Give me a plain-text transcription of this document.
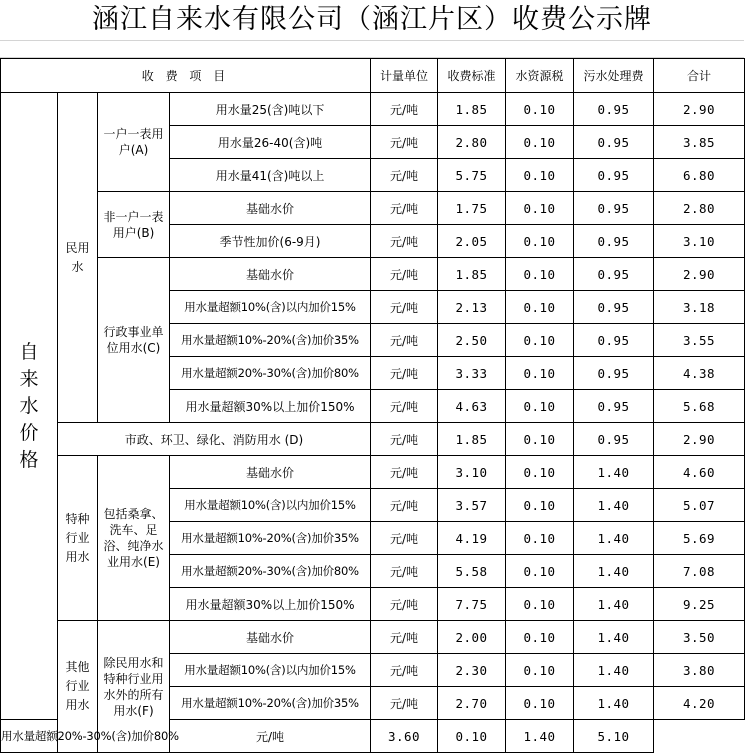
涵江自来水有限公司（涵江片区）收费公示牌
收 费 项 目				计量单位	收费标准	水资源税	污水处理费	合计
自来水价格	民用水	一户一表用户(A)	用水量25(含)吨以下	元/吨	1.85	0.10	0.95	2.90
			用水量26-40(含)吨	元/吨	2.80	0.10	0.95	3.85
			用水量41(含)吨以上	元/吨	5.75	0.10	0.95	6.80
		非一户一表用户(B)	基础水价	元/吨	1.75	0.10	0.95	2.80
			季节性加价(6-9月)	元/吨	2.05	0.10	0.95	3.10
		行政事业单位用水(C)	基础水价	元/吨	1.85	0.10	0.95	2.90
			用水量超额10%(含)以内加价15%	元/吨	2.13	0.10	0.95	3.18
			用水量超额10%-20%(含)加价35%	元/吨	2.50	0.10	0.95	3.55
			用水量超额20%-30%(含)加价80%	元/吨	3.33	0.10	0.95	4.38
			用水量超额30%以上加价150%	元/吨	4.63	0.10	0.95	5.68
	市政、环卫、绿化、消防用水 (D)			元/吨	1.85	0.10	0.95	2.90
	特种行业用水	包括桑拿、洗车、足浴、纯净水业用水(E)	基础水价	元/吨	3.10	0.10	1.40	4.60
			用水量超额10%(含)以内加价15%	元/吨	3.57	0.10	1.40	5.07
			用水量超额10%-20%(含)加价35%	元/吨	4.19	0.10	1.40	5.69
			用水量超额20%-30%(含)加价80%	元/吨	5.58	0.10	1.40	7.08
			用水量超额30%以上加价150%	元/吨	7.75	0.10	1.40	9.25
	其他行业用水	除民用水和特种行业用水外的所有用水(F)	基础水价	元/吨	2.00	0.10	1.40	3.50
			用水量超额10%(含)以内加价15%	元/吨	2.30	0.10	1.40	3.80
			用水量超额10%-20%(含)加价35%	元/吨	2.70	0.10	1.40	4.20
用水量超额20%-30%(含)加价80%			元/吨	3.60	0.10	1.40	5.10	
